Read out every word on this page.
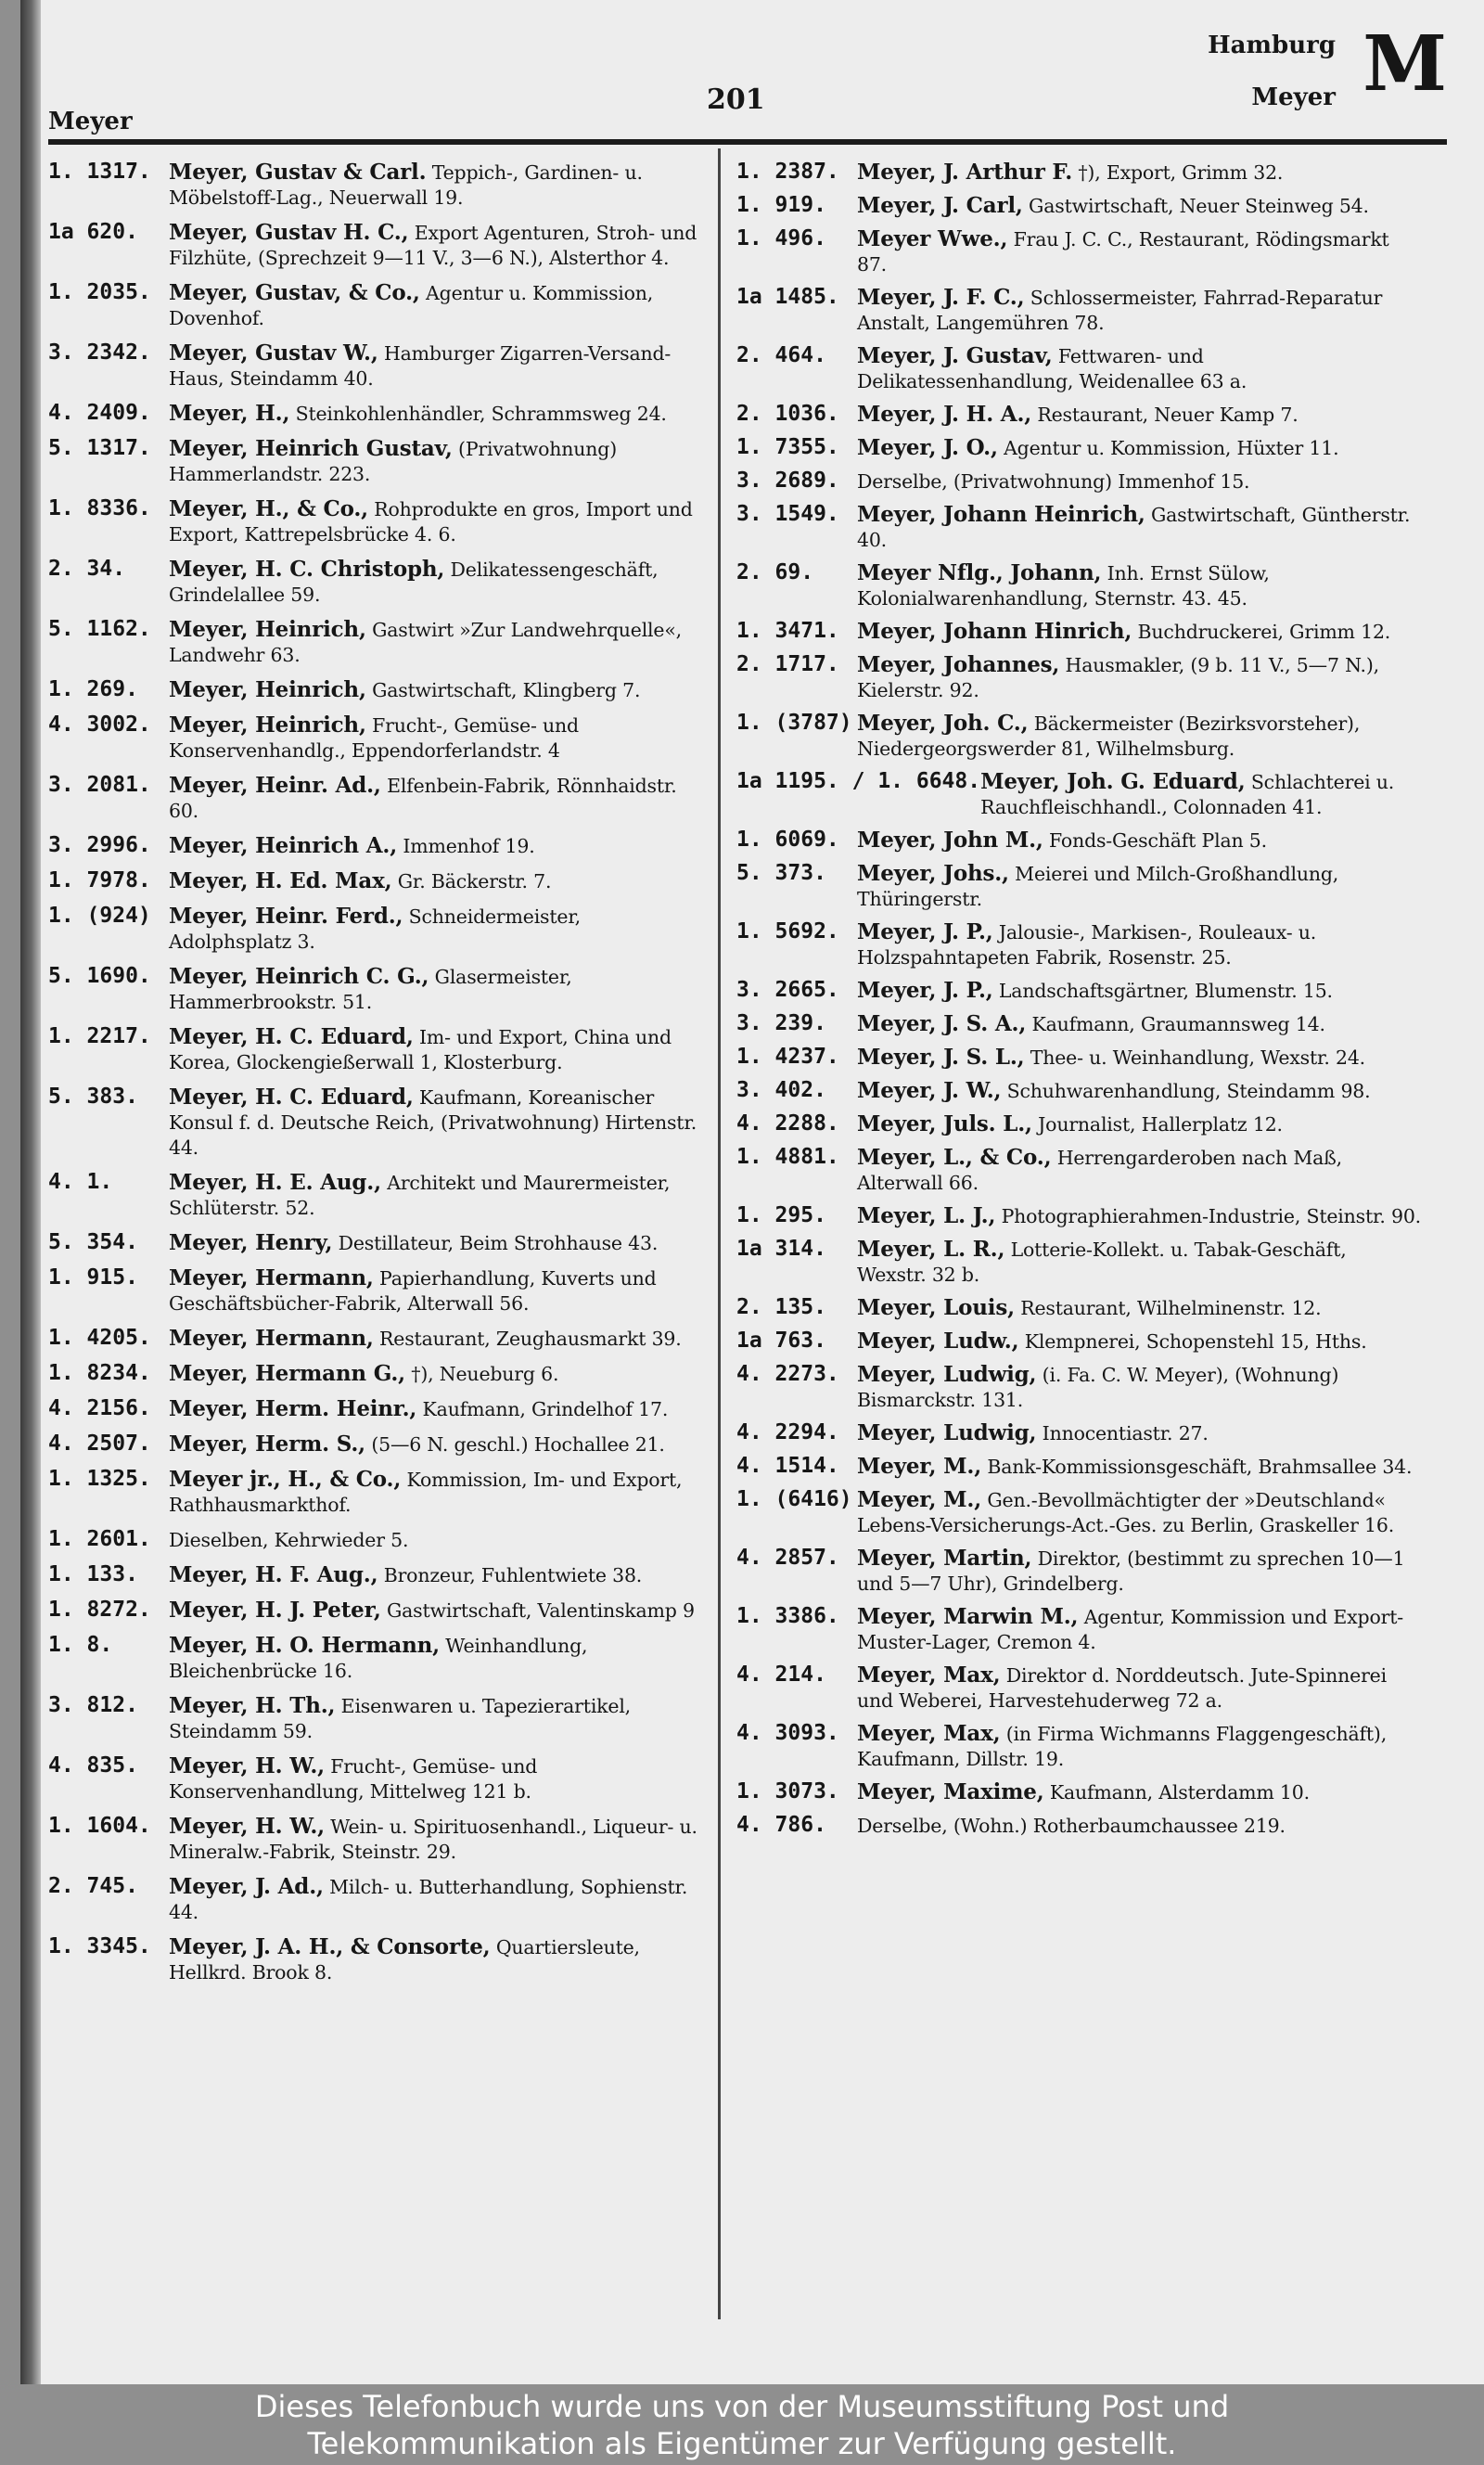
Meyer
201
Hamburg
Meyer M
1. 1317. Meyer, Gustav & Carl. Teppich-, Gardinen- u. Möbelstoff-Lag., Neuerwall 19.
1a 620.	Meyer, Gustav H. C., Export Agenturen, Stroh- und Filzhüte, (Sprechzeit 9—11 V., 3—6 N.), Alsterthor 4.
1. 2035. Meyer, Gustav, & Co., Agentur u. Kommission, Dovenhof.
3. 2342. Meyer, Gustav W., Hamburger Zigarren-Versand-Haus, Steindamm 40.
4. 2409. Meyer, H., Steinkohlenhändler, Schrammsweg 24.
5. 1317. Meyer, Heinrich Gustav, (Privatwohnung) Hammerlandstr. 223.
1. 8336. Meyer, H., & Co., Rohprodukte en gros, Import und Export, Kattrepelsbrücke 4. 6.
2. 34.	Meyer, H. C. Christoph, Delikatessengeschäft, Grindelallee 59.
5. 1162. Meyer, Heinrich, Gastwirt »Zur Landwehrquelle«, Landwehr 63.
1. 269.	Meyer, Heinrich, Gastwirtschaft, Klingberg 7.
4. 3002. Meyer, Heinrich, Frucht-, Gemüse- und Konservenhandlg., Eppendorferlandstr. 4
3. 2081. Meyer, Heinr. Ad., Elfenbein-Fabrik, Rönnhaidstr. 60.
3. 2996. Meyer, Heinrich A., Immenhof 19.
1. 7978. Meyer, H. Ed. Max, Gr. Bäckerstr. 7.
1. (924) Meyer, Heinr. Ferd., Schneidermeister, Adolphsplatz 3.
5. 1690. Meyer, Heinrich C. G., Glasermeister, Hammerbrookstr. 51.
1. 2217. Meyer, H. C. Eduard, Im- und Export, China und Korea, Glockengießerwall 1, Klosterburg.
5. 383.	Meyer, H. C. Eduard, Kaufmann, Koreanischer Konsul f. d. Deutsche Reich, (Privatwohnung) Hirtenstr. 44.
4. 1.	Meyer, H. E. Aug., Architekt und Maurermeister, Schlüterstr. 52.
5. 354.	Meyer, Henry, Destillateur, Beim Strohhause 43.
1. 915.	Meyer, Hermann, Papierhandlung, Kuverts und Geschäftsbücher-Fabrik, Alterwall 56.
1. 4205. Meyer, Hermann, Restaurant, Zeughausmarkt 39.
1. 8234. Meyer, Hermann G., †), Neueburg 6.
4. 2156. Meyer, Herm. Heinr., Kaufmann, Grindelhof 17.
4. 2507. Meyer, Herm. S., (5—6 N. geschl.) Hochallee 21.
1. 1325. Meyer jr., H., & Co., Kommission, Im- und Export, Rathhausmarkthof.
1. 2601. Dieselben, Kehrwieder 5.
1. 133.	Meyer, H. F. Aug., Bronzeur, Fuhlentwiete 38.
1. 8272. Meyer, H. J. Peter, Gastwirtschaft, Valentinskamp 9
1. 8.	Meyer, H. O. Hermann, Weinhandlung, Bleichenbrücke 16.
3. 812.	Meyer, H. Th., Eisenwaren u. Tapezierartikel, Steindamm 59.
4. 835.	Meyer, H. W., Frucht-, Gemüse- und Konservenhandlung, Mittelweg 121 b.
1. 1604. Meyer, H. W., Wein- u. Spirituosenhandl., Liqueur- u. Mineralw.-Fabrik, Steinstr. 29.
2. 745.	Meyer, J. Ad., Milch- u. Butterhandlung, Sophienstr. 44.
1. 3345. Meyer, J. A. H., & Consorte, Quartiersleute, Hellkrd. Brook 8.
1. 2387. Meyer, J. Arthur F. †), Export, Grimm 32.
1. 919.	Meyer, J. Carl, Gastwirtschaft, Neuer Steinweg 54.
1. 496.	Meyer Wwe., Frau J. C. C., Restaurant, Rödingsmarkt 87.
1a 1485. Meyer, J. F. C., Schlossermeister, Fahrrad-Reparatur Anstalt, Langemühren 78.
2. 464.	Meyer, J. Gustav, Fettwaren- und Delikatessenhandlung, Weidenallee 63 a.
2. 1036. Meyer, J. H. A., Restaurant, Neuer Kamp 7.
1. 7355. Meyer, J. O., Agentur u. Kommission, Hüxter 11.
3. 2689. Derselbe, (Privatwohnung) Immenhof 15.
3. 1549. Meyer, Johann Heinrich, Gastwirtschaft, Güntherstr. 40.
2. 69.	Meyer Nflg., Johann, Inh. Ernst Sülow, Kolonialwarenhandlung, Sternstr. 43. 45.
1. 3471. Meyer, Johann Hinrich, Buchdruckerei, Grimm 12.
2. 1717. Meyer, Johannes, Hausmakler, (9 b. 11 V., 5—7 N.), Kielerstr. 92.
1. (3787) Meyer, Joh. C., Bäckermeister (Bezirksvorsteher), Niedergeorgswerder 81, Wilhelmsburg.
1a 1195. / 1. 6648. Meyer, Joh. G. Eduard, Schlachterei u. Rauchfleischhandl., Colonnaden 41.
1. 6069. Meyer, John M., Fonds-Geschäft Plan 5.
5. 373.	Meyer, Johs., Meierei und Milch-Großhandlung, Thüringerstr.
1. 5692. Meyer, J. P., Jalousie-, Markisen-, Rouleaux- u. Holzspahntapeten Fabrik, Rosenstr. 25.
3. 2665. Meyer, J. P., Landschaftsgärtner, Blumenstr. 15.
3. 239.	Meyer, J. S. A., Kaufmann, Graumannsweg 14.
1. 4237. Meyer, J. S. L., Thee- u. Weinhandlung, Wexstr. 24.
3. 402.	Meyer, J. W., Schuhwarenhandlung, Steindamm 98.
4. 2288. Meyer, Juls. L., Journalist, Hallerplatz 12.
1. 4881. Meyer, L., & Co., Herrengarderoben nach Maß, Alterwall 66.
1. 295.	Meyer, L. J., Photographierahmen-Industrie, Steinstr. 90.
1a 314.	Meyer, L. R., Lotterie-Kollekt. u. Tabak-Geschäft, Wexstr. 32 b.
2. 135.	Meyer, Louis, Restaurant, Wilhelminenstr. 12.
1a 763.	Meyer, Ludw., Klempnerei, Schopenstehl 15, Hths.
4. 2273. Meyer, Ludwig, (i. Fa. C. W. Meyer), (Wohnung) Bismarckstr. 131.
4. 2294. Meyer, Ludwig, Innocentiastr. 27.
4. 1514. Meyer, M., Bank-Kommissionsgeschäft, Brahmsallee 34.
1. (6416) Meyer, M., Gen.-Bevollmächtigter der »Deutschland« Lebens-Versicherungs-Act.-Ges. zu Berlin, Graskeller 16.
4. 2857. Meyer, Martin, Direktor, (bestimmt zu sprechen 10—1 und 5—7 Uhr), Grindelberg.
1. 3386. Meyer, Marwin M., Agentur, Kommission und Export-Muster-Lager, Cremon 4.
4. 214.	Meyer, Max, Direktor d. Norddeutsch. Jute-Spinnerei und Weberei, Harvestehuderweg 72 a.
4. 3093. Meyer, Max, (in Firma Wichmanns Flaggengeschäft), Kaufmann, Dillstr. 19.
1. 3073. Meyer, Maxime, Kaufmann, Alsterdamm 10.
4. 786.	Derselbe, (Wohn.) Rotherbaumchaussee 219.
Dieses Telefonbuch wurde uns von der Museumsstiftung Post und
Telekommunikation als Eigentümer zur Verfügung gestellt.
